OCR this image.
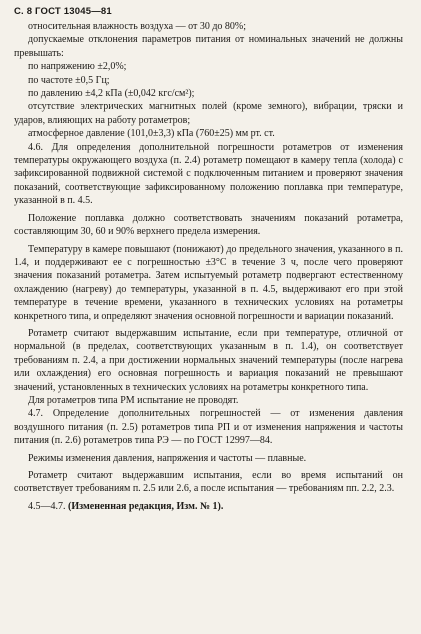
С. 8 ГОСТ 13045—81

относительная влажность воздуха — от 30 до 80%;

допускаемые отклонения параметров питания от номинальных значений не должны превышать:

по напряжению ±2,0%;

по частоте ±0,5 Гц;

по давлению ±4,2 кПа (±0,042 кгс/см²);

отсутствие электрических магнитных полей (кроме земного), вибрации, тряски и ударов, влияющих на работу ротаметров;

атмосферное давление (101,0±3,3) кПа (760±25) мм рт. ст.

4.6. Для определения дополнительной погрешности ротаметров от изменения температуры окружающего воздуха (п. 2.4) ротаметр помещают в камеру тепла (холода) с зафиксированной подвижной системой с подключенным питанием и проверяют значения показаний, соответствующие зафиксированному положению поплавка при температуре, указанной в п. 4.5.

Положение поплавка должно соответствовать значениям показаний ротаметра, составляющим 30, 60 и 90% верхнего предела измерения.

Температуру в камере повышают (понижают) до предельного значения, указанного в п. 1.4, и поддерживают ее с погрешностью ±3°С в течение 3 ч, после чего проверяют значения показаний ротаметра. Затем испытуемый ротаметр подвергают естественному охлаждению (нагреву) до температуры, указанной в п. 4.5, выдерживают его при этой температуре в течение времени, указанного в технических условиях на ротаметры конкретного типа, и определяют значения основной погрешности и вариации показаний.

Ротаметр считают выдержавшим испытание, если при температуре, отличной от нормальной (в пределах, соответствующих указанным в п. 1.4), он соответствует требованиям п. 2.4, а при достижении нормальных значений температуры (после нагрева или охлаждения) его основная погрешность и вариация показаний не превышают значений, установленных в технических условиях на ротаметры конкретного типа.

Для ротаметров типа РМ испытание не проводят.

4.7. Определение дополнительных погрешностей — от изменения давления воздушного питания (п. 2.5) ротаметров типа РП и от изменения напряжения и частоты питания (п. 2.6) ротаметров типа РЭ — по ГОСТ 12997—84.

Режимы изменения давления, напряжения и частоты — плавные.

Ротаметр считают выдержавшим испытания, если во время испытаний он соответствует требованиям п. 2.5 или 2.6, а после испытания — требованиям пп. 2.2, 2.3.

4.5—4.7. (Измененная редакция, Изм. № 1).
